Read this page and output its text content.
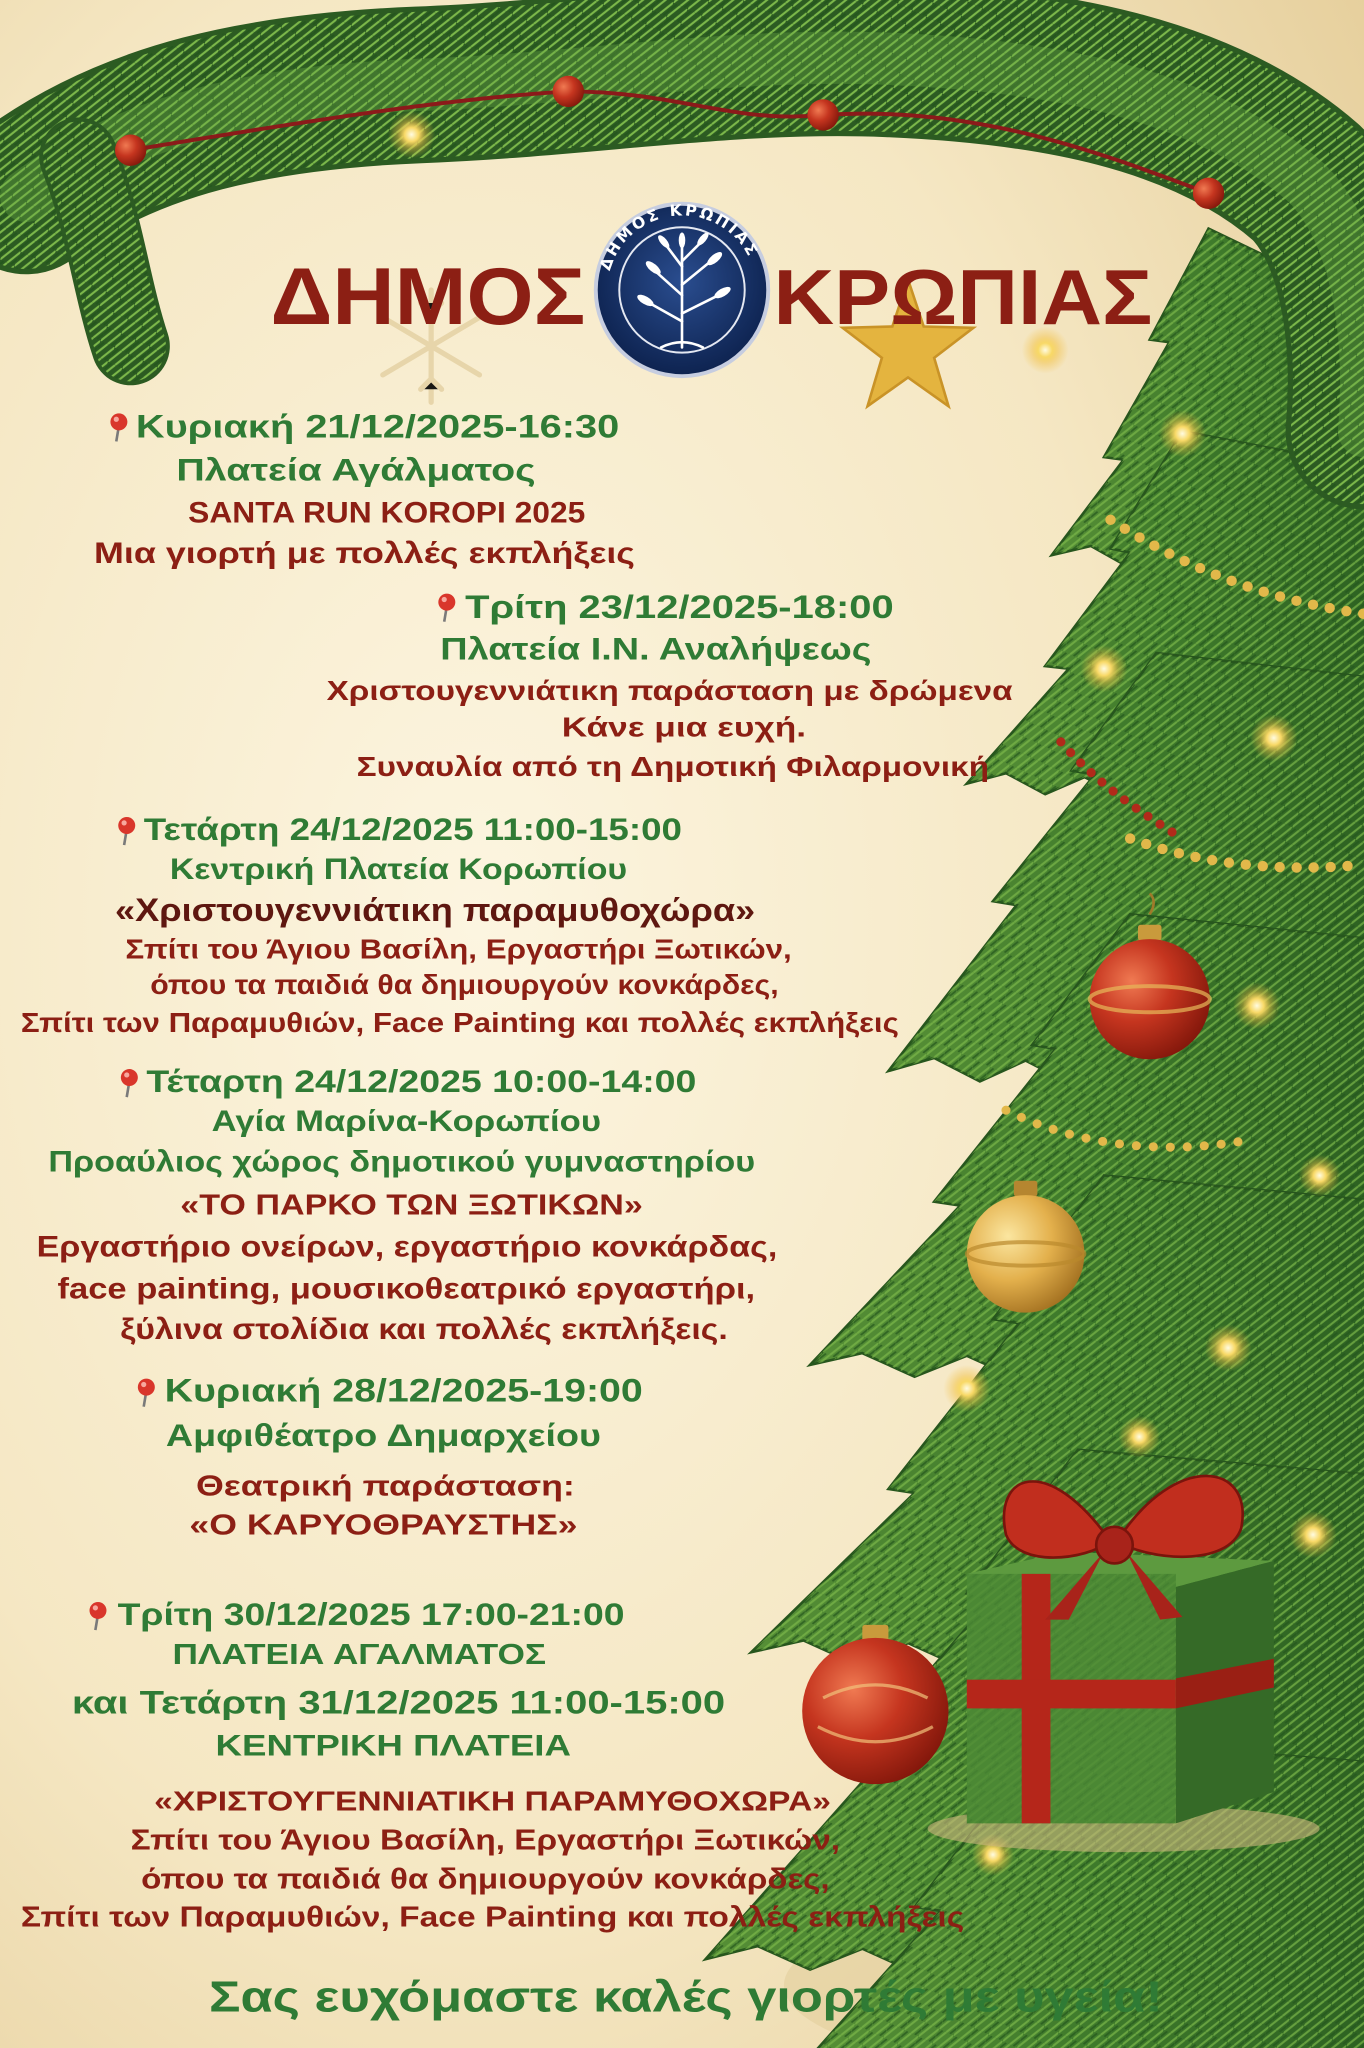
ΔΗΜΟΣ ΔΗΜΟΣ ΚΡΩΠΙΑΣ
ΚΡΩΠΙΑΣ
Κυριακή 21/12/2025-16:30
Πλατεία Αγάλματος
SANTA RUN KOROPI 2025
Μια γιορτή με πολλές εκπλήξεις
Τρίτη 23/12/2025-18:00
Πλατεία Ι.Ν. Αναλήψεως
Χριστουγεννιάτικη παράσταση με δρώμενα
Κάνε μια ευχή.
Συναυλία από τη Δημοτική Φιλαρμονική
Τετάρτη 24/12/2025 11:00-15:00
Κεντρική Πλατεία Κορωπίου
«Χριστουγεννιάτικη παραμυθοχώρα»
Σπίτι του Άγιου Βασίλη, Εργαστήρι Ξωτικών,
όπου τα παιδιά θα δημιουργούν κονκάρδες,
Σπίτι των Παραμυθιών, Face Painting και πολλές εκπλήξεις
Τέταρτη 24/12/2025 10:00-14:00
Αγία Μαρίνα-Κορωπίου
Προαύλιος χώρος δημοτικού γυμναστηρίου
«ΤΟ ΠΑΡΚΟ ΤΩΝ ΞΩΤΙΚΩΝ»
Εργαστήριο ονείρων, εργαστήριο κονκάρδας,
face painting, μουσικοθεατρικό εργαστήρι,
ξύλινα στολίδια και πολλές εκπλήξεις.
Κυριακή 28/12/2025-19:00
Αμφιθέατρο Δημαρχείου
Θεατρική παράσταση:
«Ο ΚΑΡΥΟΘΡΑΥΣΤΗΣ»
Τρίτη 30/12/2025 17:00-21:00
ΠΛΑΤΕΙΑ ΑΓΑΛΜΑΤΟΣ
και Τετάρτη 31/12/2025 11:00-15:00
ΚΕΝΤΡΙΚΗ ΠΛΑΤΕΙΑ
«ΧΡΙΣΤΟΥΓΕΝΝΙΑΤΙΚΗ ΠΑΡΑΜΥΘΟΧΩΡΑ»
Σπίτι του Άγιου Βασίλη, Εργαστήρι Ξωτικών,
όπου τα παιδιά θα δημιουργούν κονκάρδες,
Σπίτι των Παραμυθιών, Face Painting και πολλές εκπλήξεις
Σας ευχόμαστε καλές γιορτές με υγεία!
